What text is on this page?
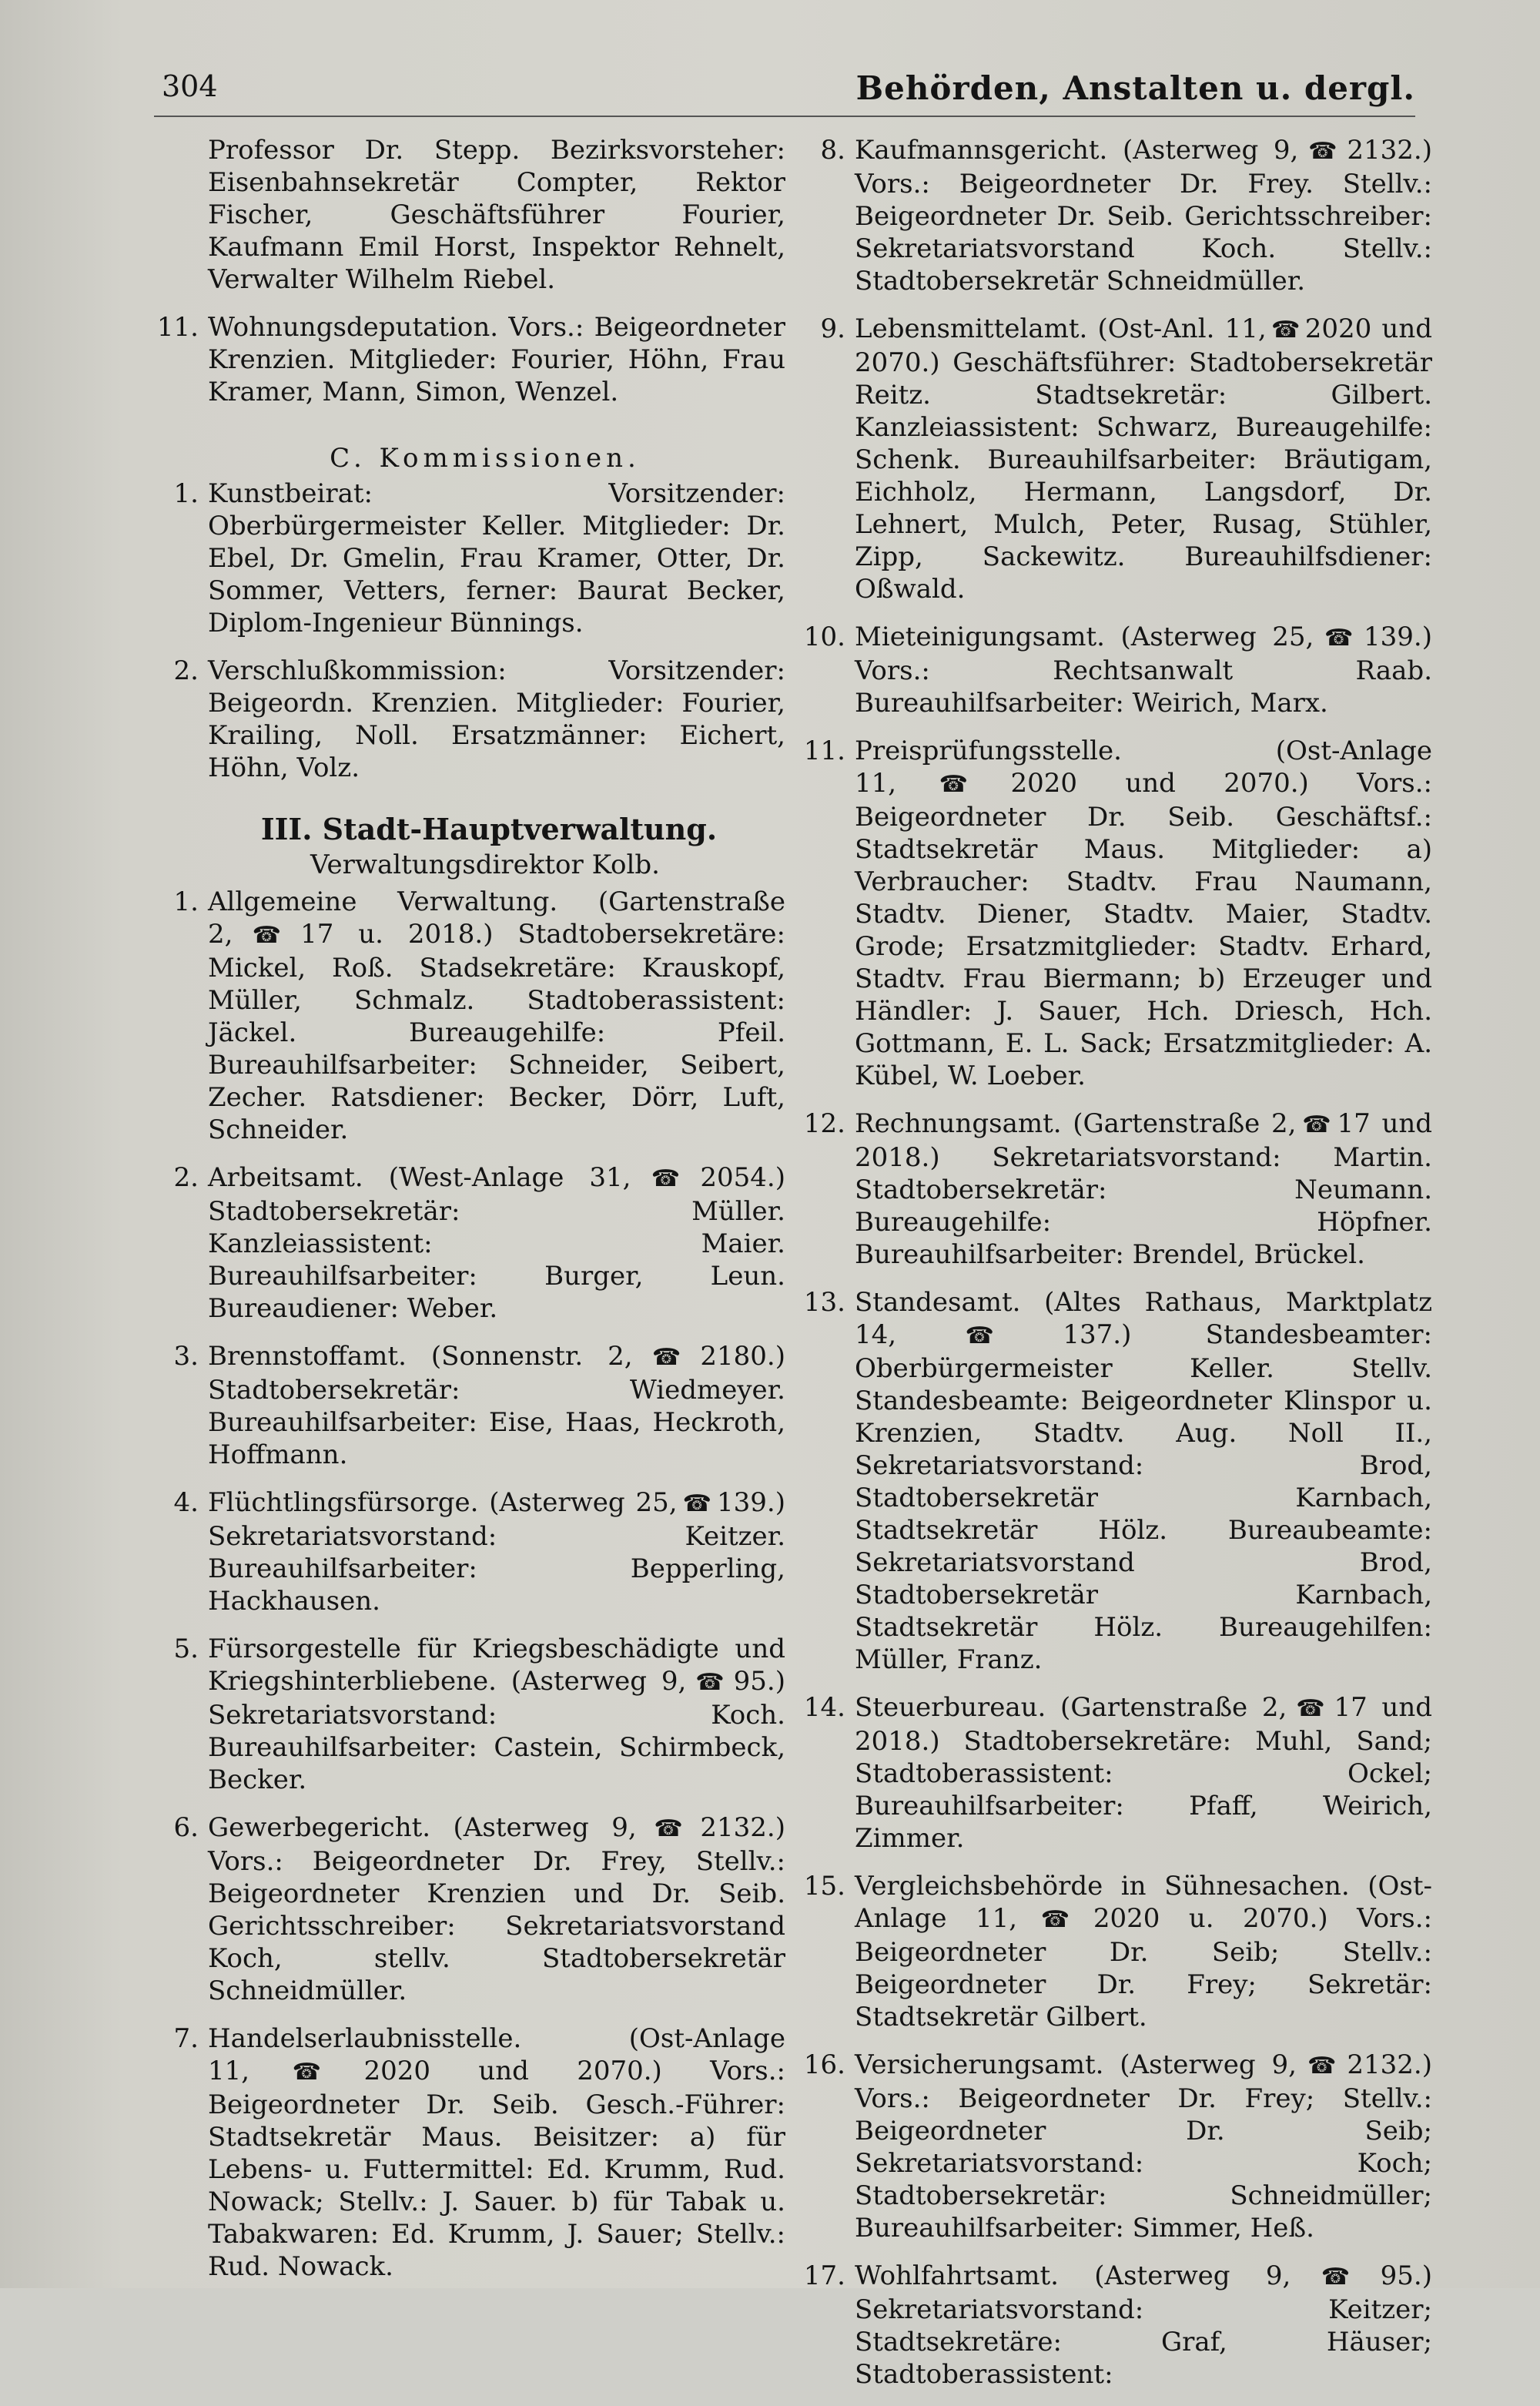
304	Behörden, Anstalten u. dergl.
Professor Dr. Stepp. Bezirksvorsteher: Eisenbahnsekretär Compter, Rektor Fischer, Geschäftsführer Fourier, Kaufmann Emil Horst, Inspektor Rehnelt, Verwalter Wilhelm Riebel.
11. Wohnungsdeputation. Vors.: Beigeordneter Krenzien. Mitglieder: Fourier, Höhn, Frau Kramer, Mann, Simon, Wenzel.
C. Kommissionen.
1. Kunstbeirat: Vorsitzender: Oberbürgermeister Keller. Mitglieder: Dr. Ebel, Dr. Gmelin, Frau Kramer, Otter, Dr. Sommer, Vetters, ferner: Baurat Becker, Diplom-Ingenieur Bünnings.
2. Verschlußkommission: Vorsitzender: Beigeordn. Krenzien. Mitglieder: Fourier, Krailing, Noll. Ersatzmänner: Eichert, Höhn, Volz.
III. Stadt-Hauptverwaltung.
Verwaltungsdirektor Kolb.
1. Allgemeine Verwaltung. (Gartenstraße 2, ☎ 17 u. 2018.) Stadtobersekretäre: Mickel, Roß. Stadsekretäre: Krauskopf, Müller, Schmalz. Stadtoberassistent: Jäckel. Bureaugehilfe: Pfeil. Bureauhilfsarbeiter: Schneider, Seibert, Zecher. Ratsdiener: Becker, Dörr, Luft, Schneider.
2. Arbeitsamt. (West-Anlage 31, ☎ 2054.) Stadtobersekretär: Müller. Kanzleiassistent: Maier. Bureauhilfsarbeiter: Burger, Leun. Bureaudiener: Weber.
3. Brennstoffamt. (Sonnenstr. 2, ☎ 2180.) Stadtobersekretär: Wiedmeyer. Bureauhilfsarbeiter: Eise, Haas, Heckroth, Hoffmann.
4. Flüchtlingsfürsorge. (Asterweg 25, ☎ 139.) Sekretariatsvorstand: Keitzer. Bureauhilfsarbeiter: Bepperling, Hackhausen.
5. Fürsorgestelle für Kriegsbeschädigte und Kriegshinterbliebene. (Asterweg 9, ☎ 95.) Sekretariatsvorstand: Koch. Bureauhilfsarbeiter: Castein, Schirmbeck, Becker.
6. Gewerbegericht. (Asterweg 9, ☎ 2132.) Vors.: Beigeordneter Dr. Frey, Stellv.: Beigeordneter Krenzien und Dr. Seib. Gerichtsschreiber: Sekretariatsvorstand Koch, stellv. Stadtobersekretär Schneidmüller.
7. Handelserlaubnisstelle. (Ost-Anlage 11, ☎ 2020 und 2070.) Vors.: Beigeordneter Dr. Seib. Gesch.-Führer: Stadtsekretär Maus. Beisitzer: a) für Lebens- u. Futtermittel: Ed. Krumm, Rud. Nowack; Stellv.: J. Sauer. b) für Tabak u. Tabakwaren: Ed. Krumm, J. Sauer; Stellv.: Rud. Nowack.
8. Kaufmannsgericht. (Asterweg 9, ☎ 2132.) Vors.: Beigeordneter Dr. Frey. Stellv.: Beigeordneter Dr. Seib. Gerichtsschreiber: Sekretariatsvorstand Koch. Stellv.: Stadtobersekretär Schneidmüller.
9. Lebensmittelamt. (Ost-Anl. 11, ☎ 2020 und 2070.) Geschäftsführer: Stadtobersekretär Reitz. Stadtsekretär: Gilbert. Kanzleiassistent: Schwarz, Bureaugehilfe: Schenk. Bureauhilfsarbeiter: Bräutigam, Eichholz, Hermann, Langsdorf, Dr. Lehnert, Mulch, Peter, Rusag, Stühler, Zipp, Sackewitz. Bureauhilfsdiener: Oßwald.
10. Mieteinigungsamt. (Asterweg 25, ☎ 139.) Vors.: Rechtsanwalt Raab. Bureauhilfsarbeiter: Weirich, Marx.
11. Preisprüfungsstelle. (Ost-Anlage 11, ☎ 2020 und 2070.) Vors.: Beigeordneter Dr. Seib. Geschäftsf.: Stadtsekretär Maus. Mitglieder: a) Verbraucher: Stadtv. Frau Naumann, Stadtv. Diener, Stadtv. Maier, Stadtv. Grode; Ersatzmitglieder: Stadtv. Erhard, Stadtv. Frau Biermann; b) Erzeuger und Händler: J. Sauer, Hch. Driesch, Hch. Gottmann, E. L. Sack; Ersatzmitglieder: A. Kübel, W. Loeber.
12. Rechnungsamt. (Gartenstraße 2, ☎ 17 und 2018.) Sekretariatsvorstand: Martin. Stadtobersekretär: Neumann. Bureaugehilfe: Höpfner. Bureauhilfsarbeiter: Brendel, Brückel.
13. Standesamt. (Altes Rathaus, Marktplatz 14, ☎ 137.) Standesbeamter: Oberbürgermeister Keller. Stellv. Standesbeamte: Beigeordneter Klinspor u. Krenzien, Stadtv. Aug. Noll II., Sekretariatsvorstand: Brod, Stadtobersekretär Karnbach, Stadtsekretär Hölz. Bureaubeamte: Sekretariatsvorstand Brod, Stadtobersekretär Karnbach, Stadtsekretär Hölz. Bureaugehilfen: Müller, Franz.
14. Steuerbureau. (Gartenstraße 2, ☎ 17 und 2018.) Stadtobersekretäre: Muhl, Sand; Stadtoberassistent: Ockel; Bureauhilfsarbeiter: Pfaff, Weirich, Zimmer.
15. Vergleichsbehörde in Sühnesachen. (Ost-Anlage 11, ☎ 2020 u. 2070.) Vors.: Beigeordneter Dr. Seib; Stellv.: Beigeordneter Dr. Frey; Sekretär: Stadtsekretär Gilbert.
16. Versicherungsamt. (Asterweg 9, ☎ 2132.) Vors.: Beigeordneter Dr. Frey; Stellv.: Beigeordneter Dr. Seib; Sekretariatsvorstand: Koch; Stadtobersekretär: Schneidmüller; Bureauhilfsarbeiter: Simmer, Heß.
17. Wohlfahrtsamt. (Asterweg 9, ☎ 95.) Sekretariatsvorstand: Keitzer; Stadtsekretäre: Graf, Häuser; Stadtoberassistent:
